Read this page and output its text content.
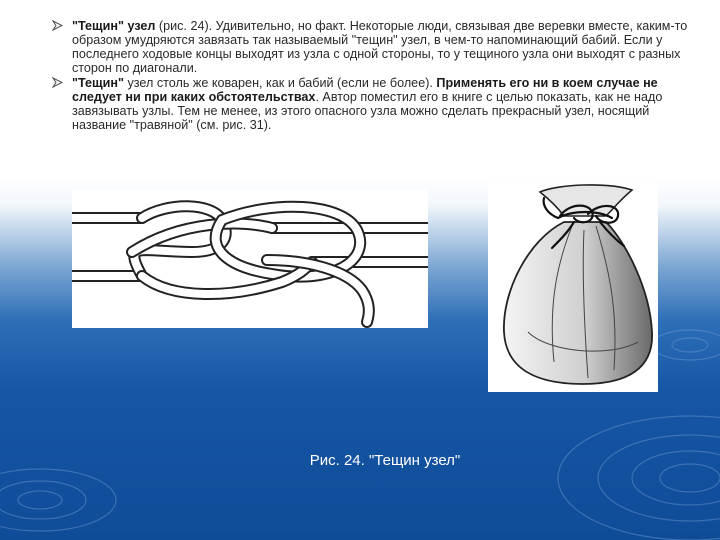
"Тещин" узел (рис. 24). Удивительно, но факт. Некоторые люди, связывая две веревки вместе, каким-то образом умудряются завязать так называемый "тещин" узел, в чем-то напоминающий бабий. Если у последнего ходовые концы выходят из узла с одной стороны, то у тещиного узла они выходят с разных сторон по диагонали.
"Тещин" узел столь же коварен, как и бабий (если не более). Применять его ни в коем случае не следует ни при каких обстоятельствах. Автор поместил его в книге с целью показать, как не надо завязывать узлы. Тем не менее, из этого опасного узла можно сделать прекрасный узел, носящий название "травяной" (см. рис. 31).
Рис. 24. "Тещин узел"
